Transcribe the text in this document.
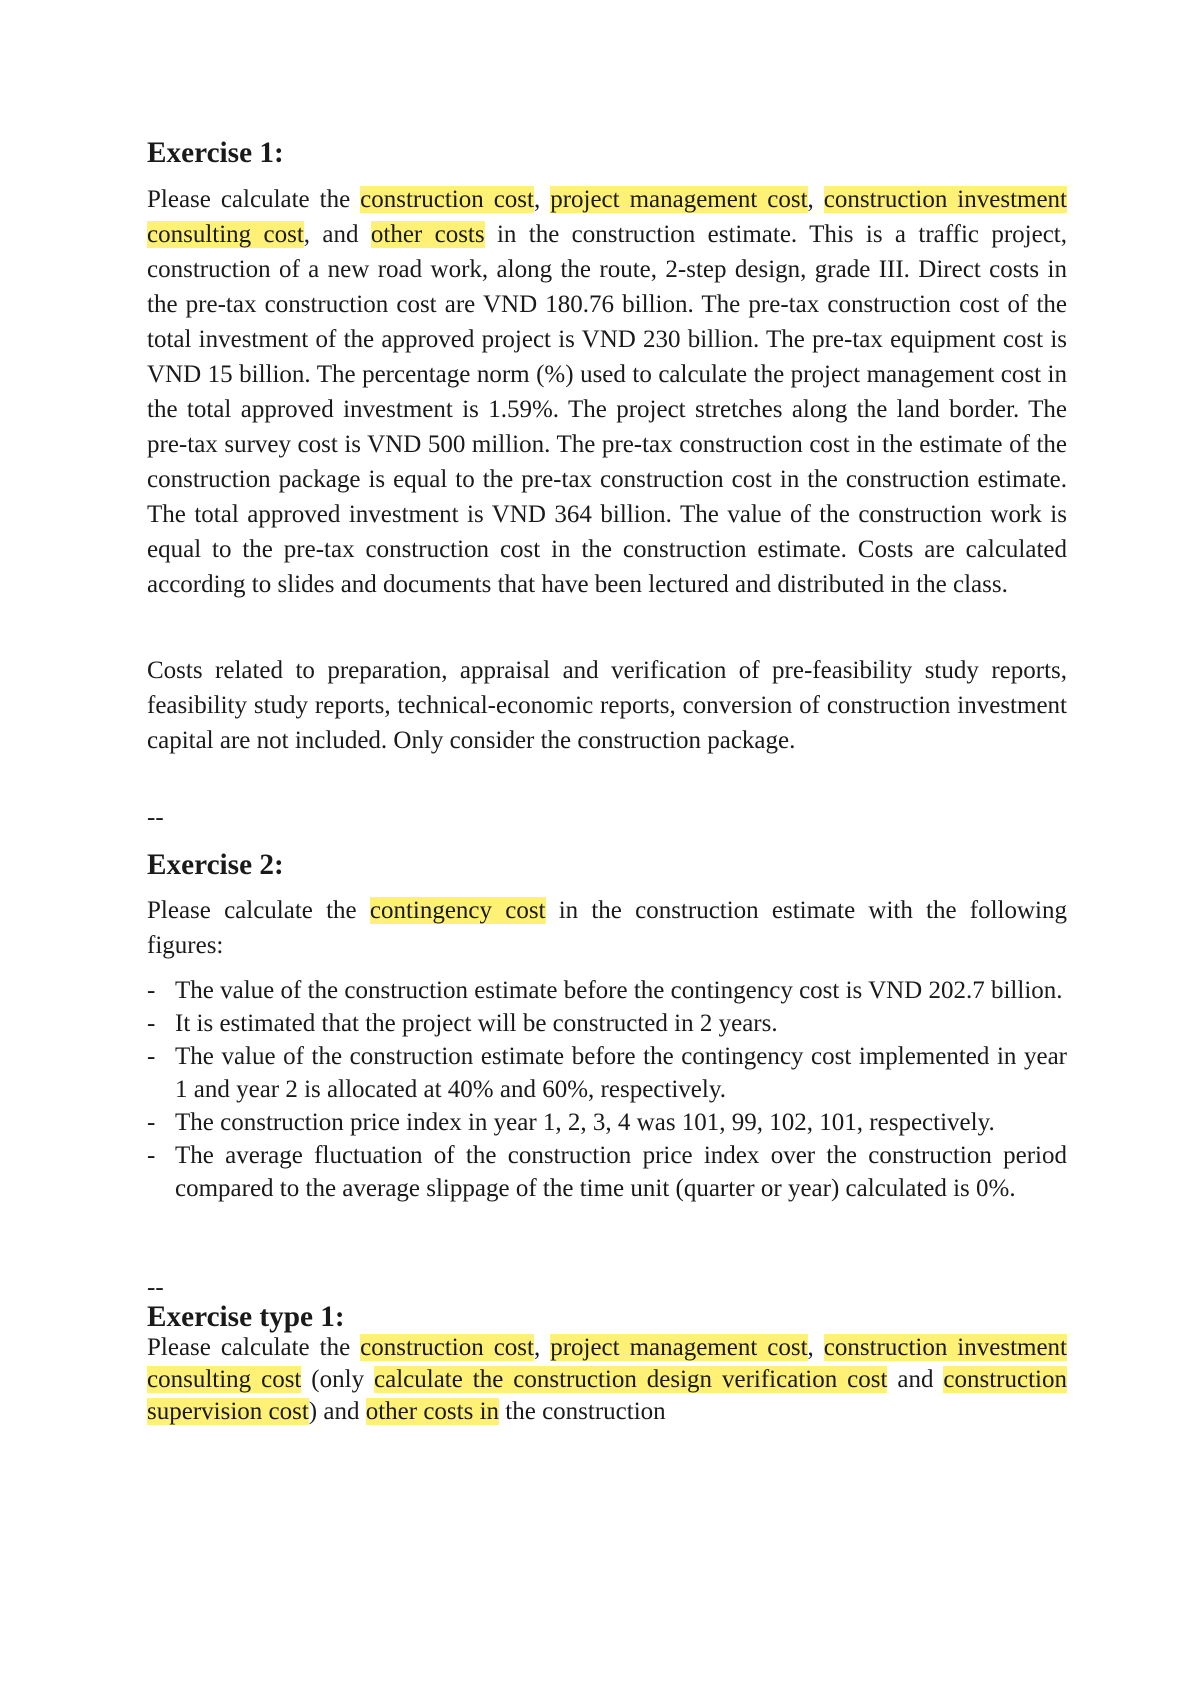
Exercise 1:

Please calculate the construction cost, project management cost, construction investment consulting cost, and other costs in the construction estimate. This is a traffic project, construction of a new road work, along the route, 2-step design, grade III. Direct costs in the pre-tax construction cost are VND 180.76 billion. The pre-tax construction cost of the total investment of the approved project is VND 230 billion. The pre-tax equipment cost is VND 15 billion. The percentage norm (%) used to calculate the project management cost in the total approved investment is 1.59%. The project stretches along the land border. The pre-tax survey cost is VND 500 million. The pre-tax construction cost in the estimate of the construction package is equal to the pre-tax construction cost in the construction estimate. The total approved investment is VND 364 billion. The value of the construction work is equal to the pre-tax construction cost in the construction estimate. Costs are calculated according to slides and documents that have been lectured and distributed in the class.

Costs related to preparation, appraisal and verification of pre-feasibility study reports, feasibility study reports, technical-economic reports, conversion of construction investment capital are not included. Only consider the construction package.

--

Exercise 2:

Please calculate the contingency cost in the construction estimate with the following figures:

- The value of the construction estimate before the contingency cost is VND 202.7 billion.
- It is estimated that the project will be constructed in 2 years.
- The value of the construction estimate before the contingency cost implemented in year 1 and year 2 is allocated at 40% and 60%, respectively.
- The construction price index in year 1, 2, 3, 4 was 101, 99, 102, 101, respectively.
- The average fluctuation of the construction price index over the construction period compared to the average slippage of the time unit (quarter or year) calculated is 0%.

--

Exercise type 1:

Please calculate the construction cost, project management cost, construction investment consulting cost (only calculate the construction design verification cost and construction supervision cost) and other costs in the construction
